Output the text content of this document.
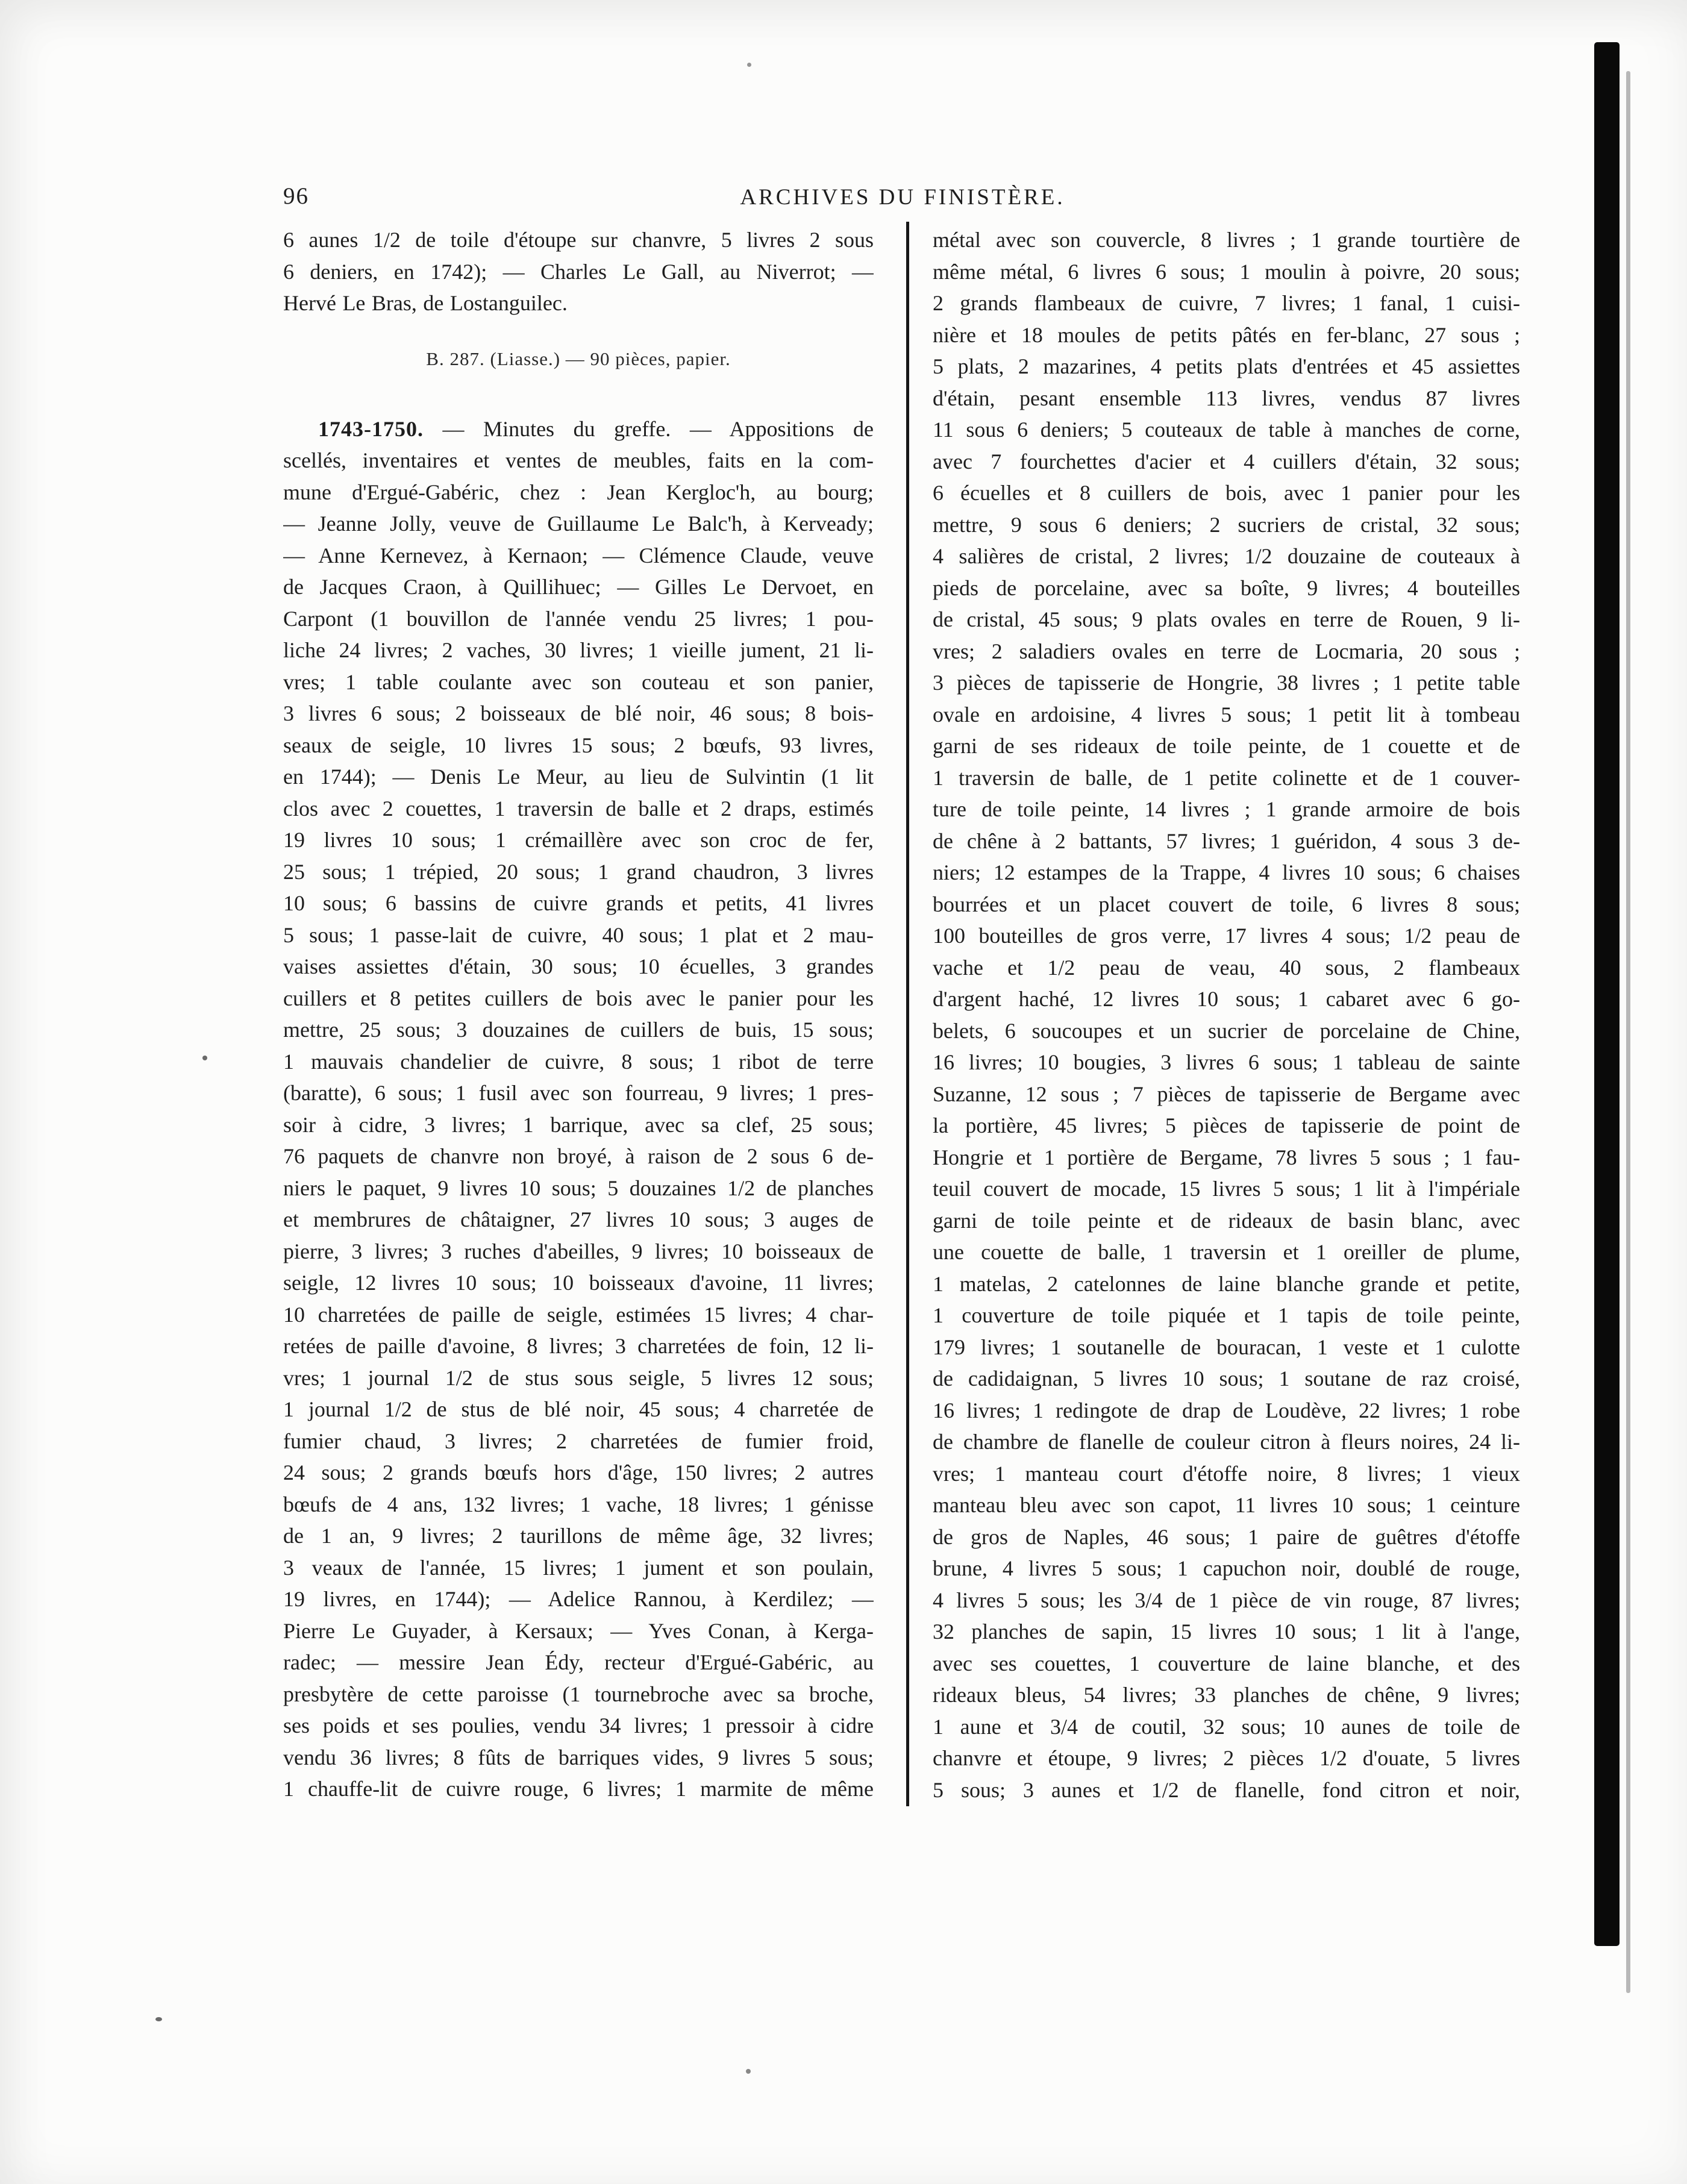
96	ARCHIVES DU FINISTÈRE.
6 aunes 1/2 de toile d'étoupe sur chanvre, 5 livres 2 sous
6 deniers, en 1742); — Charles Le Gall, au Niverrot; —
Hervé Le Bras, de Lostanguilec.
B. 287. (Liasse.) — 90 pièces, papier.
1743-1750. — Minutes du greffe. — Appositions de
scellés, inventaires et ventes de meubles, faits en la com-
mune d'Ergué-Gabéric, chez : Jean Kergloc'h, au bourg;
— Jeanne Jolly, veuve de Guillaume Le Balc'h, à Kerveady;
— Anne Kernevez, à Kernaon; — Clémence Claude, veuve
de Jacques Craon, à Quillihuec; — Gilles Le Dervoet, en
Carpont (1 bouvillon de l'année vendu 25 livres; 1 pou-
liche 24 livres; 2 vaches, 30 livres; 1 vieille jument, 21 li-
vres; 1 table coulante avec son couteau et son panier,
3 livres 6 sous; 2 boisseaux de blé noir, 46 sous; 8 bois-
seaux de seigle, 10 livres 15 sous; 2 bœufs, 93 livres,
en 1744); — Denis Le Meur, au lieu de Sulvintin (1 lit
clos avec 2 couettes, 1 traversin de balle et 2 draps, estimés
19 livres 10 sous; 1 crémaillère avec son croc de fer,
25 sous; 1 trépied, 20 sous; 1 grand chaudron, 3 livres
10 sous; 6 bassins de cuivre grands et petits, 41 livres
5 sous; 1 passe-lait de cuivre, 40 sous; 1 plat et 2 mau-
vaises assiettes d'étain, 30 sous; 10 écuelles, 3 grandes
cuillers et 8 petites cuillers de bois avec le panier pour les
mettre, 25 sous; 3 douzaines de cuillers de buis, 15 sous;
1 mauvais chandelier de cuivre, 8 sous; 1 ribot de terre
(baratte), 6 sous; 1 fusil avec son fourreau, 9 livres; 1 pres-
soir à cidre, 3 livres; 1 barrique, avec sa clef, 25 sous;
76 paquets de chanvre non broyé, à raison de 2 sous 6 de-
niers le paquet, 9 livres 10 sous; 5 douzaines 1/2 de planches
et membrures de châtaigner, 27 livres 10 sous; 3 auges de
pierre, 3 livres; 3 ruches d'abeilles, 9 livres; 10 boisseaux de
seigle, 12 livres 10 sous; 10 boisseaux d'avoine, 11 livres;
10 charretées de paille de seigle, estimées 15 livres; 4 char-
retées de paille d'avoine, 8 livres; 3 charretées de foin, 12 li-
vres; 1 journal 1/2 de stus sous seigle, 5 livres 12 sous;
1 journal 1/2 de stus de blé noir, 45 sous; 4 charretée de
fumier chaud, 3 livres; 2 charretées de fumier froid,
24 sous; 2 grands bœufs hors d'âge, 150 livres; 2 autres
bœufs de 4 ans, 132 livres; 1 vache, 18 livres; 1 génisse
de 1 an, 9 livres; 2 taurillons de même âge, 32 livres;
3 veaux de l'année, 15 livres; 1 jument et son poulain,
19 livres, en 1744); — Adelice Rannou, à Kerdilez; —
Pierre Le Guyader, à Kersaux; — Yves Conan, à Kerga-
radec; — messire Jean Édy, recteur d'Ergué-Gabéric, au
presbytère de cette paroisse (1 tournebroche avec sa broche,
ses poids et ses poulies, vendu 34 livres; 1 pressoir à cidre
vendu 36 livres; 8 fûts de barriques vides, 9 livres 5 sous;
1 chauffe-lit de cuivre rouge, 6 livres; 1 marmite de même
métal avec son couvercle, 8 livres ; 1 grande tourtière de
même métal, 6 livres 6 sous; 1 moulin à poivre, 20 sous;
2 grands flambeaux de cuivre, 7 livres; 1 fanal, 1 cuisi-
nière et 18 moules de petits pâtés en fer-blanc, 27 sous ;
5 plats, 2 mazarines, 4 petits plats d'entrées et 45 assiettes
d'étain, pesant ensemble 113 livres, vendus 87 livres
11 sous 6 deniers; 5 couteaux de table à manches de corne,
avec 7 fourchettes d'acier et 4 cuillers d'étain, 32 sous;
6 écuelles et 8 cuillers de bois, avec 1 panier pour les
mettre, 9 sous 6 deniers; 2 sucriers de cristal, 32 sous;
4 salières de cristal, 2 livres; 1/2 douzaine de couteaux à
pieds de porcelaine, avec sa boîte, 9 livres; 4 bouteilles
de cristal, 45 sous; 9 plats ovales en terre de Rouen, 9 li-
vres; 2 saladiers ovales en terre de Locmaria, 20 sous ;
3 pièces de tapisserie de Hongrie, 38 livres ; 1 petite table
ovale en ardoisine, 4 livres 5 sous; 1 petit lit à tombeau
garni de ses rideaux de toile peinte, de 1 couette et de
1 traversin de balle, de 1 petite colinette et de 1 couver-
ture de toile peinte, 14 livres ; 1 grande armoire de bois
de chêne à 2 battants, 57 livres; 1 guéridon, 4 sous 3 de-
niers; 12 estampes de la Trappe, 4 livres 10 sous; 6 chaises
bourrées et un placet couvert de toile, 6 livres 8 sous;
100 bouteilles de gros verre, 17 livres 4 sous; 1/2 peau de
vache et 1/2 peau de veau, 40 sous, 2 flambeaux
d'argent haché, 12 livres 10 sous; 1 cabaret avec 6 go-
belets, 6 soucoupes et un sucrier de porcelaine de Chine,
16 livres; 10 bougies, 3 livres 6 sous; 1 tableau de sainte
Suzanne, 12 sous ; 7 pièces de tapisserie de Bergame avec
la portière, 45 livres; 5 pièces de tapisserie de point de
Hongrie et 1 portière de Bergame, 78 livres 5 sous ; 1 fau-
teuil couvert de mocade, 15 livres 5 sous; 1 lit à l'impériale
garni de toile peinte et de rideaux de basin blanc, avec
une couette de balle, 1 traversin et 1 oreiller de plume,
1 matelas, 2 catelonnes de laine blanche grande et petite,
1 couverture de toile piquée et 1 tapis de toile peinte,
179 livres; 1 soutanelle de bouracan, 1 veste et 1 culotte
de cadidaignan, 5 livres 10 sous; 1 soutane de raz croisé,
16 livres; 1 redingote de drap de Loudève, 22 livres; 1 robe
de chambre de flanelle de couleur citron à fleurs noires, 24 li-
vres; 1 manteau court d'étoffe noire, 8 livres; 1 vieux
manteau bleu avec son capot, 11 livres 10 sous; 1 ceinture
de gros de Naples, 46 sous; 1 paire de guêtres d'étoffe
brune, 4 livres 5 sous; 1 capuchon noir, doublé de rouge,
4 livres 5 sous; les 3/4 de 1 pièce de vin rouge, 87 livres;
32 planches de sapin, 15 livres 10 sous; 1 lit à l'ange,
avec ses couettes, 1 couverture de laine blanche, et des
rideaux bleus, 54 livres; 33 planches de chêne, 9 livres;
1 aune et 3/4 de coutil, 32 sous; 10 aunes de toile de
chanvre et étoupe, 9 livres; 2 pièces 1/2 d'ouate, 5 livres
5 sous; 3 aunes et 1/2 de flanelle, fond citron et noir,
